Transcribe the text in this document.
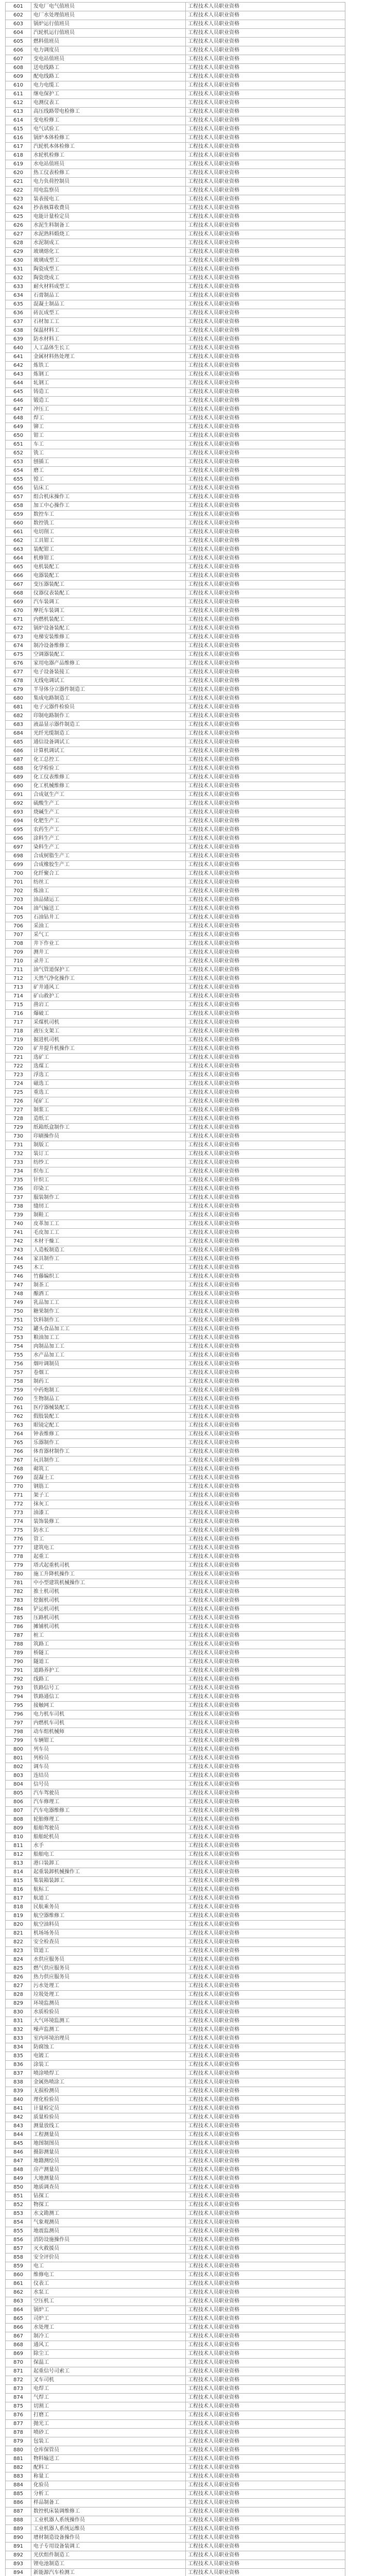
601	发电厂电气值班员	工程技术人员职业资格
602	电厂水处理值班员	工程技术人员职业资格
603	锅炉运行值班员	工程技术人员职业资格
604	汽轮机运行值班员	工程技术人员职业资格
605	燃料值班员	工程技术人员职业资格
606	电力调度员	工程技术人员职业资格
607	变电站值班员	工程技术人员职业资格
608	送电线路工	工程技术人员职业资格
609	配电线路工	工程技术人员职业资格
610	电力电缆工	工程技术人员职业资格
611	继电保护工	工程技术人员职业资格
612	电测仪表工	工程技术人员职业资格
613	高压线路带电检修工	工程技术人员职业资格
614	变电检修工	工程技术人员职业资格
615	电气试验工	工程技术人员职业资格
616	锅炉本体检修工	工程技术人员职业资格
617	汽轮机本体检修工	工程技术人员职业资格
618	水轮机检修工	工程技术人员职业资格
619	水电站值班员	工程技术人员职业资格
620	热工仪表检修工	工程技术人员职业资格
621	电力负荷控制员	工程技术人员职业资格
622	用电监察员	工程技术人员职业资格
623	装表接电工	工程技术人员职业资格
624	抄表核算收费员	工程技术人员职业资格
625	电能计量检定员	工程技术人员职业资格
626	水泥生料制备工	工程技术人员职业资格
627	水泥熟料煅烧工	工程技术人员职业资格
628	水泥制成工	工程技术人员职业资格
629	玻璃熔化工	工程技术人员职业资格
630	玻璃成型工	工程技术人员职业资格
631	陶瓷成型工	工程技术人员职业资格
632	陶瓷烧成工	工程技术人员职业资格
633	耐火材料成型工	工程技术人员职业资格
634	石膏制品工	工程技术人员职业资格
635	混凝土制品工	工程技术人员职业资格
636	砖瓦成型工	工程技术人员职业资格
637	石材加工工	工程技术人员职业资格
638	保温材料工	工程技术人员职业资格
639	防水材料工	工程技术人员职业资格
640	人工晶体生长工	工程技术人员职业资格
641	金属材料热处理工	工程技术人员职业资格
642	炼铁工	工程技术人员职业资格
643	炼钢工	工程技术人员职业资格
644	轧钢工	工程技术人员职业资格
645	铸造工	工程技术人员职业资格
646	锻造工	工程技术人员职业资格
647	冲压工	工程技术人员职业资格
648	焊工	工程技术人员职业资格
649	铆工	工程技术人员职业资格
650	钳工	工程技术人员职业资格
651	车工	工程技术人员职业资格
652	铣工	工程技术人员职业资格
653	刨插工	工程技术人员职业资格
654	磨工	工程技术人员职业资格
655	镗工	工程技术人员职业资格
656	钻床工	工程技术人员职业资格
657	组合机床操作工	工程技术人员职业资格
658	加工中心操作工	工程技术人员职业资格
659	数控车工	工程技术人员职业资格
660	数控铣工	工程技术人员职业资格
661	电切削工	工程技术人员职业资格
662	工具钳工	工程技术人员职业资格
663	装配钳工	工程技术人员职业资格
664	机修钳工	工程技术人员职业资格
665	电机装配工	工程技术人员职业资格
666	电器装配工	工程技术人员职业资格
667	变压器装配工	工程技术人员职业资格
668	仪器仪表装配工	工程技术人员职业资格
669	汽车装调工	工程技术人员职业资格
670	摩托车装调工	工程技术人员职业资格
671	内燃机装配工	工程技术人员职业资格
672	锅炉设备装配工	工程技术人员职业资格
673	电梯安装维修工	工程技术人员职业资格
674	制冷设备维修工	工程技术人员职业资格
675	空调器装配工	工程技术人员职业资格
676	家用电器产品维修工	工程技术人员职业资格
677	电子设备装接工	工程技术人员职业资格
678	无线电调试工	工程技术人员职业资格
679	半导体分立器件制造工	工程技术人员职业资格
680	集成电路制造工	工程技术人员职业资格
681	电子元器件检验员	工程技术人员职业资格
682	印制电路制作工	工程技术人员职业资格
683	液晶显示器件制造工	工程技术人员职业资格
684	光纤光缆制造工	工程技术人员职业资格
685	通信设备调试工	工程技术人员职业资格
686	计算机调试工	工程技术人员职业资格
687	化工总控工	工程技术人员职业资格
688	化学检验工	工程技术人员职业资格
689	化工仪表维修工	工程技术人员职业资格
690	化工机械维修工	工程技术人员职业资格
691	合成氨生产工	工程技术人员职业资格
692	硫酸生产工	工程技术人员职业资格
693	烧碱生产工	工程技术人员职业资格
694	化肥生产工	工程技术人员职业资格
695	农药生产工	工程技术人员职业资格
696	涂料生产工	工程技术人员职业资格
697	染料生产工	工程技术人员职业资格
698	合成树脂生产工	工程技术人员职业资格
699	合成橡胶生产工	工程技术人员职业资格
700	化纤聚合工	工程技术人员职业资格
701	纺丝工	工程技术人员职业资格
702	炼油工	工程技术人员职业资格
703	油品储运工	工程技术人员职业资格
704	油气输送工	工程技术人员职业资格
705	石油钻井工	工程技术人员职业资格
706	采油工	工程技术人员职业资格
707	采气工	工程技术人员职业资格
708	井下作业工	工程技术人员职业资格
709	测井工	工程技术人员职业资格
710	录井工	工程技术人员职业资格
711	油气管道保护工	工程技术人员职业资格
712	天然气净化操作工	工程技术人员职业资格
713	矿井通风工	工程技术人员职业资格
714	矿山救护工	工程技术人员职业资格
715	凿岩工	工程技术人员职业资格
716	爆破工	工程技术人员职业资格
717	采煤机司机	工程技术人员职业资格
718	液压支架工	工程技术人员职业资格
719	掘进机司机	工程技术人员职业资格
720	矿井提升机操作工	工程技术人员职业资格
721	选矿工	工程技术人员职业资格
722	选煤工	工程技术人员职业资格
723	浮选工	工程技术人员职业资格
724	磁选工	工程技术人员职业资格
725	重选工	工程技术人员职业资格
726	尾矿工	工程技术人员职业资格
727	制浆工	工程技术人员职业资格
728	造纸工	工程技术人员职业资格
729	纸箱纸盒制作工	工程技术人员职业资格
730	印刷操作员	工程技术人员职业资格
731	制版工	工程技术人员职业资格
732	装订工	工程技术人员职业资格
733	纺纱工	工程技术人员职业资格
734	织布工	工程技术人员职业资格
735	针织工	工程技术人员职业资格
736	印染工	工程技术人员职业资格
737	服装制作工	工程技术人员职业资格
738	缝纫工	工程技术人员职业资格
739	制鞋工	工程技术人员职业资格
740	皮革加工工	工程技术人员职业资格
741	毛皮加工工	工程技术人员职业资格
742	木材干燥工	工程技术人员职业资格
743	人造板制造工	工程技术人员职业资格
744	家具制作工	工程技术人员职业资格
745	木工	工程技术人员职业资格
746	竹藤编织工	工程技术人员职业资格
747	制茶工	工程技术人员职业资格
748	酿酒工	工程技术人员职业资格
749	乳品加工工	工程技术人员职业资格
750	糖果制作工	工程技术人员职业资格
751	饮料制作工	工程技术人员职业资格
752	罐头食品加工工	工程技术人员职业资格
753	粮油加工工	工程技术人员职业资格
754	肉制品加工工	工程技术人员职业资格
755	水产品加工工	工程技术人员职业资格
756	烟叶调制员	工程技术人员职业资格
757	卷烟工	工程技术人员职业资格
758	制药工	工程技术人员职业资格
759	中药炮制工	工程技术人员职业资格
760	生物制品工	工程技术人员职业资格
761	医疗器械装配工	工程技术人员职业资格
762	假肢装配工	工程技术人员职业资格
763	眼镜定配工	工程技术人员职业资格
764	钟表维修工	工程技术人员职业资格
765	乐器制作工	工程技术人员职业资格
766	体育器材制作工	工程技术人员职业资格
767	玩具制作工	工程技术人员职业资格
768	砌筑工	工程技术人员职业资格
769	混凝土工	工程技术人员职业资格
770	钢筋工	工程技术人员职业资格
771	架子工	工程技术人员职业资格
772	抹灰工	工程技术人员职业资格
773	油漆工	工程技术人员职业资格
774	装饰装修工	工程技术人员职业资格
775	防水工	工程技术人员职业资格
776	管工	工程技术人员职业资格
777	建筑电工	工程技术人员职业资格
778	起重工	工程技术人员职业资格
779	塔式起重机司机	工程技术人员职业资格
780	施工升降机操作工	工程技术人员职业资格
781	中小型建筑机械操作工	工程技术人员职业资格
782	推土机司机	工程技术人员职业资格
783	挖掘机司机	工程技术人员职业资格
784	铲运机司机	工程技术人员职业资格
785	压路机司机	工程技术人员职业资格
786	摊铺机司机	工程技术人员职业资格
787	桩工	工程技术人员职业资格
788	筑路工	工程技术人员职业资格
789	桥隧工	工程技术人员职业资格
790	隧道工	工程技术人员职业资格
791	道路养护工	工程技术人员职业资格
792	线路工	工程技术人员职业资格
793	铁路信号工	工程技术人员职业资格
794	铁路通信工	工程技术人员职业资格
795	接触网工	工程技术人员职业资格
796	电力机车司机	工程技术人员职业资格
797	内燃机车司机	工程技术人员职业资格
798	动车组机械师	工程技术人员职业资格
799	车辆钳工	工程技术人员职业资格
800	列车员	工程技术人员职业资格
801	列检员	工程技术人员职业资格
802	调车员	工程技术人员职业资格
803	连结员	工程技术人员职业资格
804	信号员	工程技术人员职业资格
805	汽车驾驶员	工程技术人员职业资格
806	汽车修理工	工程技术人员职业资格
807	汽车电器维修工	工程技术人员职业资格
808	轮胎修理工	工程技术人员职业资格
809	船舶驾驶员	工程技术人员职业资格
810	船舶轮机员	工程技术人员职业资格
811	水手	工程技术人员职业资格
812	船舶电工	工程技术人员职业资格
813	港口装卸工	工程技术人员职业资格
814	起重装卸机械操作工	工程技术人员职业资格
815	集装箱装卸工	工程技术人员职业资格
816	航标工	工程技术人员职业资格
817	航道工	工程技术人员职业资格
818	民航乘务员	工程技术人员职业资格
819	航空器维修工	工程技术人员职业资格
820	航空油料员	工程技术人员职业资格
821	机场场务员	工程技术人员职业资格
822	安全检查员	工程技术人员职业资格
823	管道工	工程技术人员职业资格
824	水供应服务员	工程技术人员职业资格
825	燃气供应服务员	工程技术人员职业资格
826	热力供应服务员	工程技术人员职业资格
827	污水处理工	工程技术人员职业资格
828	垃圾处理工	工程技术人员职业资格
829	环境监测员	工程技术人员职业资格
830	水质检验员	工程技术人员职业资格
831	大气环境监测工	工程技术人员职业资格
832	噪声监测工	工程技术人员职业资格
833	室内环境治理员	工程技术人员职业资格
834	防腐蚀工	工程技术人员职业资格
835	电镀工	工程技术人员职业资格
836	涂装工	工程技术人员职业资格
837	喷涂喷焊工	工程技术人员职业资格
838	金属热喷涂工	工程技术人员职业资格
839	无损检测员	工程技术人员职业资格
840	理化检验员	工程技术人员职业资格
841	计量检定员	工程技术人员职业资格
842	质量检验员	工程技术人员职业资格
843	测量放线工	工程技术人员职业资格
844	工程测量员	工程技术人员职业资格
845	地图制图员	工程技术人员职业资格
846	摄影测量员	工程技术人员职业资格
847	地籍测绘员	工程技术人员职业资格
848	房产测量员	工程技术人员职业资格
849	大地测量员	工程技术人员职业资格
850	地质调查员	工程技术人员职业资格
851	钻探工	工程技术人员职业资格
852	物探工	工程技术人员职业资格
853	水文勘测工	工程技术人员职业资格
854	气象观测员	工程技术人员职业资格
855	地震监测员	工程技术人员职业资格
856	消防设施操作员	工程技术人员职业资格
857	灭火救援员	工程技术人员职业资格
858	安全评价员	工程技术人员职业资格
859	电工	工程技术人员职业资格
860	维修电工	工程技术人员职业资格
861	仪表工	工程技术人员职业资格
862	水泵工	工程技术人员职业资格
863	空压机工	工程技术人员职业资格
864	锅炉工	工程技术人员职业资格
865	司炉工	工程技术人员职业资格
866	水处理工	工程技术人员职业资格
867	制冷工	工程技术人员职业资格
868	通风工	工程技术人员职业资格
869	除尘工	工程技术人员职业资格
870	保温工	工程技术人员职业资格
871	起重信号司索工	工程技术人员职业资格
872	叉车司机	工程技术人员职业资格
873	电焊工	工程技术人员职业资格
874	气焊工	工程技术人员职业资格
875	切割工	工程技术人员职业资格
876	打磨工	工程技术人员职业资格
877	抛光工	工程技术人员职业资格
878	喷砂工	工程技术人员职业资格
879	包装工	工程技术人员职业资格
880	仓库保管员	工程技术人员职业资格
881	物料输送工	工程技术人员职业资格
882	配料工	工程技术人员职业资格
883	称量工	工程技术人员职业资格
884	化验员	工程技术人员职业资格
885	分析工	工程技术人员职业资格
886	样品制备工	工程技术人员职业资格
887	数控机床装调维修工	工程技术人员职业资格
888	工业机器人系统操作员	工程技术人员职业资格
889	工业机器人系统运维员	工程技术人员职业资格
890	增材制造设备操作员	工程技术人员职业资格
891	电子专用设备装调工	工程技术人员职业资格
892	光伏组件制造工	工程技术人员职业资格
893	锂电池制造工	工程技术人员职业资格
894	新能源汽车检测工	工程技术人员职业资格
